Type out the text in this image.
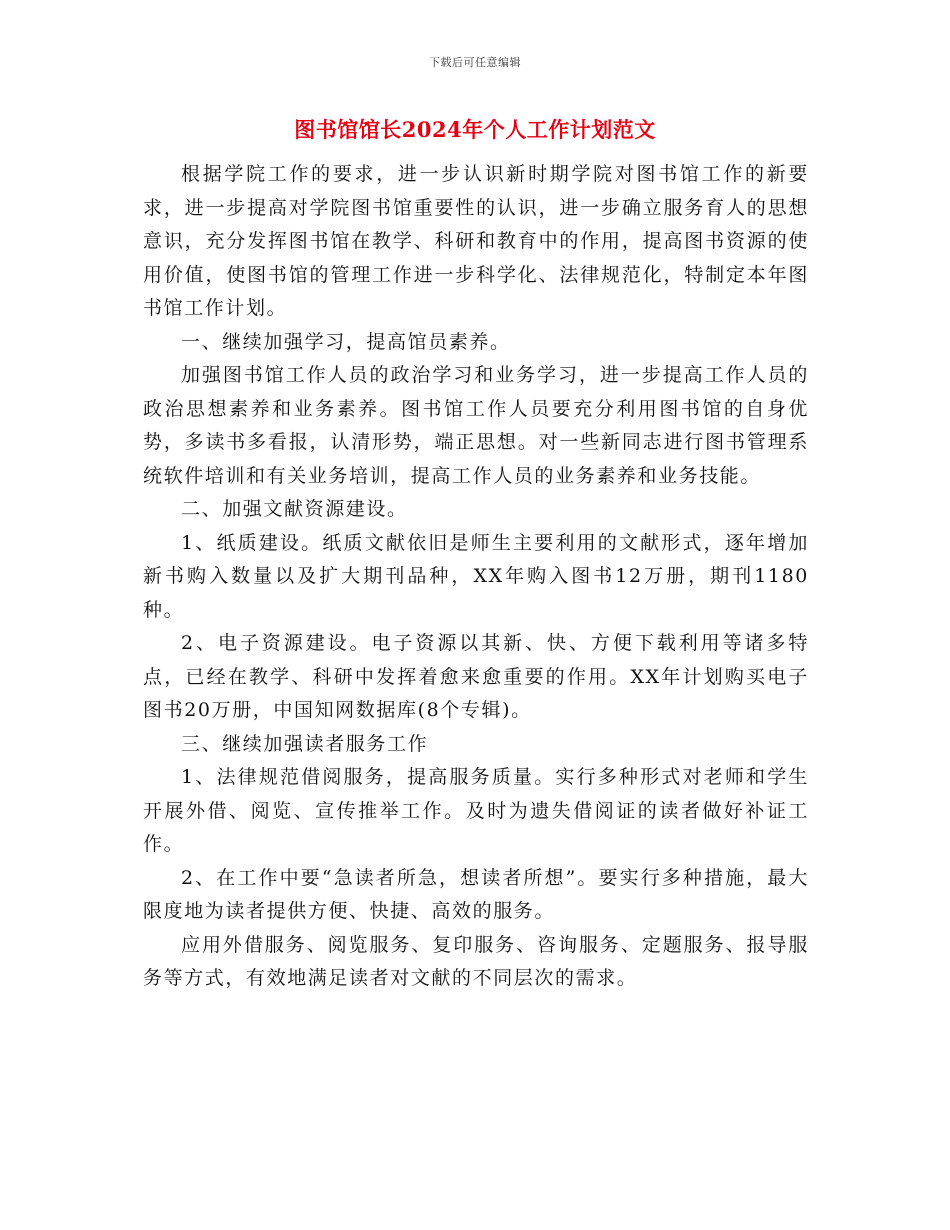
下载后可任意编辑
图书馆馆长2024年个人工作计划范文

根据学院工作的要求，进一步认识新时期学院对图书馆工作的新要求，进一步提高对学院图书馆重要性的认识，进一步确立服务育人的思想意识，充分发挥图书馆在教学、科研和教育中的作用，提高图书资源的使用价值，使图书馆的管理工作进一步科学化、法律规范化，特制定本年图书馆工作计划。

一、继续加强学习，提高馆员素养。

加强图书馆工作人员的政治学习和业务学习，进一步提高工作人员的政治思想素养和业务素养。图书馆工作人员要充分利用图书馆的自身优势，多读书多看报，认清形势，端正思想。对一些新同志进行图书管理系统软件培训和有关业务培训，提高工作人员的业务素养和业务技能。

二、加强文献资源建设。

1、纸质建设。纸质文献依旧是师生主要利用的文献形式，逐年增加新书购入数量以及扩大期刊品种，XX年购入图书12万册，期刊1180种。

2、电子资源建设。电子资源以其新、快、方便下载利用等诸多特点，已经在教学、科研中发挥着愈来愈重要的作用。XX年计划购买电子图书20万册，中国知网数据库(8个专辑)。

三、继续加强读者服务工作

1、法律规范借阅服务，提高服务质量。实行多种形式对老师和学生开展外借、阅览、宣传推举工作。及时为遗失借阅证的读者做好补证工作。

2、在工作中要“急读者所急，想读者所想”。要实行多种措施，最大限度地为读者提供方便、快捷、高效的服务。

应用外借服务、阅览服务、复印服务、咨询服务、定题服务、报导服务等方式，有效地满足读者对文献的不同层次的需求。
